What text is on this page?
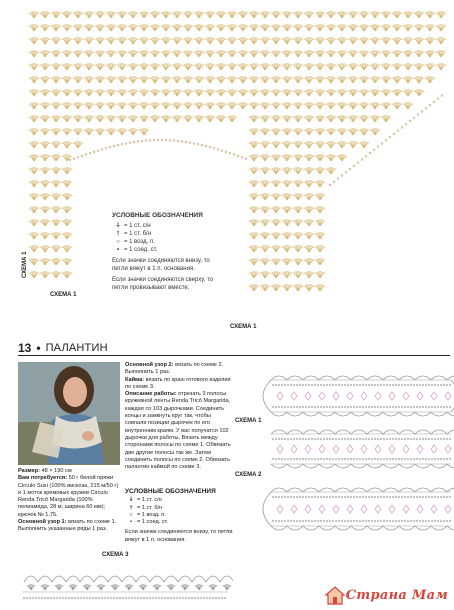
УСЛОВНЫЕ ОБОЗНАЧЕНИЯ
⸸ = 1 ст. с/н
† = 1 ст. б/н
○ = 1 возд. п.
• = 1 соед. ст.
Если значки соединяются внизу, то петли вяжут в 1 п. основания.
Если значки соединяются сверху, то петли провязывают вместе.
СХЕМА 1
СХЕМА 1
СХЕМА 1
13 • ПАЛАНТИН

Размер: 48 × 190 см

Вам потребуется: 50 г белой пряжи Circulo Susi (100% вискоза, 215 м/50 г) и 1 моток кремовых кружев Circulo Renda Tricô Margarida (100% полиамида, 28 м, ширина 60 мм); крючок № 1,75.

Основной узор 1: вязать по схеме 1. Выполнить указанные ряды 1 раз.

Основной узор 2: вязать по схеме 2. Выполнить 1 раз.

Кайма: вязать по краю готового изделия по схеме 3.

Описание работы: отрезать 3 полосы кружевной ленты Renda Tricô Margarida, каждая со 103 дырочками. Соединить концы и замкнуть круг так, чтобы совпали позиции дырочек по его внутренним краям. У вас получатся 102 дырочки для работы. Вязать между сторонами полосы по схеме 1. Обвязать две другие полосы так же. Затем соединить полосы по схеме 2. Обвязать палантин каймой по схеме 3.

УСЛОВНЫЕ ОБОЗНАЧЕНИЯ
⸸ = 1 ст. с/н
† = 1 ст. б/н
○ = 1 возд. п.
• = 1 соед. ст.
Если значки соединяются внизу, то петли вяжут в 1 п. основания.
СХЕМА 1
СХЕМА 2
СХЕМА 3
Страна Мам
